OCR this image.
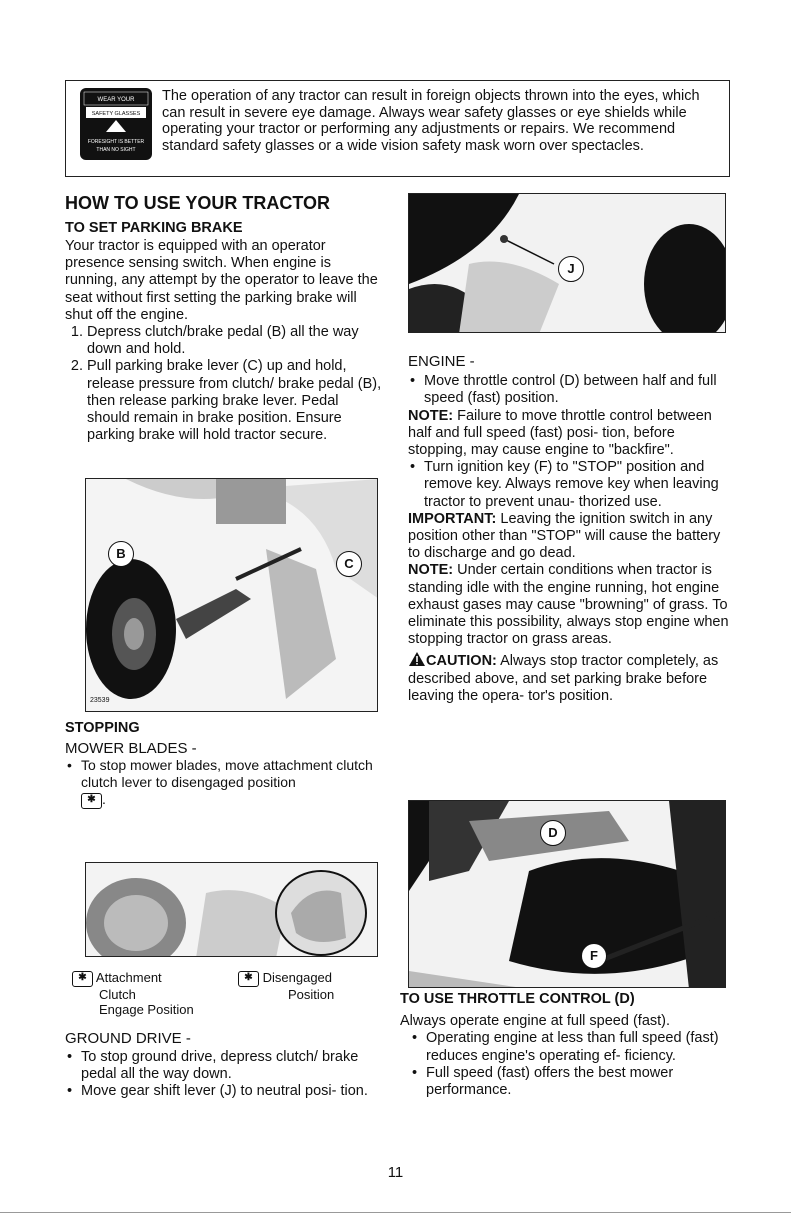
WEAR YOUR
SAFETY GLASSES
FORESIGHT IS BETTER
THAN NO SIGHT

The operation of any tractor can result in foreign objects thrown into the eyes, which can result in severe eye damage. Always wear safety glasses or eye shields while operating your tractor or performing any adjustments or repairs. We recommend standard safety glasses or a wide vision safety mask worn over spectacles.

HOW TO USE YOUR TRACTOR
TO SET PARKING BRAKE

Your tractor is equipped with an operator presence sensing switch. When engine is running, any attempt by the operator to leave the seat without first setting the parking brake will shut off the engine.

1. Depress clutch/brake pedal (B) all the way down and hold.
2. Pull parking brake lever (C) up and hold, release pressure from clutch/ brake pedal (B), then release parking brake lever. Pedal should remain in brake position. Ensure parking brake will hold tractor secure.
B
C
23539
STOPPING

MOWER BLADES -

• To stop mower blades, move attachment clutch clutch lever to disengaged position
✱ .
✱ Attachment
Clutch
Engage Position
✱ Disengaged
Position

GROUND DRIVE -

• To stop ground drive, depress clutch/ brake pedal all the way down.
• Move gear shift lever (J) to neutral posi- tion.
J

ENGINE -

• Move throttle control (D) between half and full speed (fast) position.

NOTE: Failure to move throttle control between half and full speed (fast) posi- tion, before stopping, may cause engine to "backfire".

• Turn ignition key (F) to "STOP" position and remove key. Always remove key when leaving tractor to prevent unau- thorized use.

IMPORTANT: Leaving the ignition switch in any position other than "STOP" will cause the battery to discharge and go dead.

NOTE: Under certain conditions when tractor is standing idle with the engine running, hot engine exhaust gases may cause "browning" of grass. To eliminate this possibility, always stop engine when stopping tractor on grass areas.

CAUTION: Always stop tractor completely, as described above, and set parking brake before leaving the opera- tor's position.

D
F
TO USE THROTTLE CONTROL (D)

Always operate engine at full speed (fast).

• Operating engine at less than full speed (fast) reduces engine's operating ef- ficiency.
• Full speed (fast) offers the best mower performance.
11
